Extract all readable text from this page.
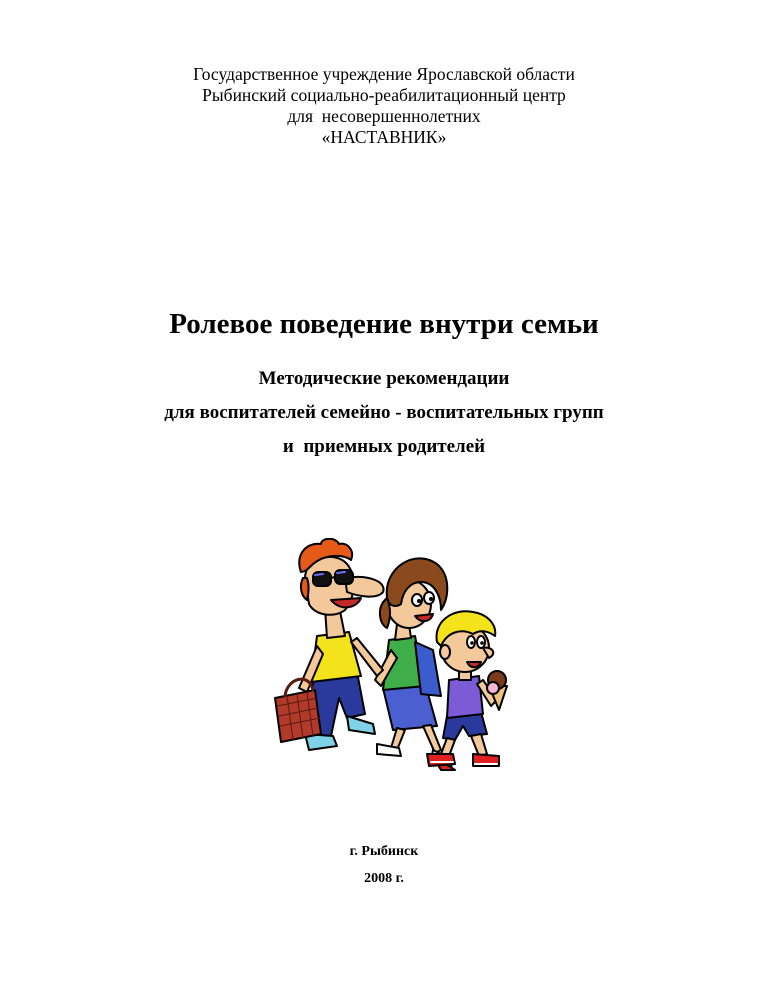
Государственное учреждение Ярославской области
Рыбинский социально-реабилитационный центр
для  несовершеннолетних
«НАСТАВНИК»
Ролевое поведение внутри семьи
Методические рекомендации
для воспитателей семейно - воспитательных групп
и  приемных родителей
г. Рыбинск
2008 г.
